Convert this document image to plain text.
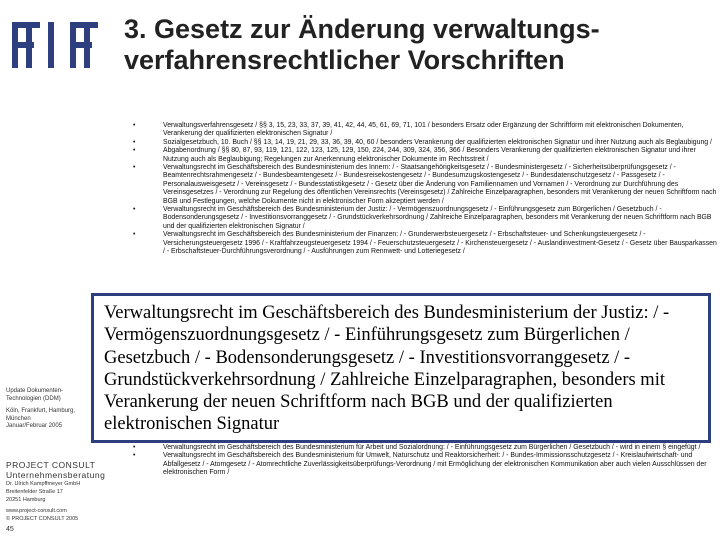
3. Gesetz zur Änderung verwaltungs-
verfahrensrechtlicher Vorschriften
•	Verwaltungsverfahrensgesetz / §§ 3, 15, 23, 33, 37, 39, 41, 42, 44, 45, 61, 69, 71, 101 / besonders Ersatz oder Ergänzung der Schriftform mit elektronischen Dokumenten, Verankerung der qualifizierten elektronischen Signatur /
•	Sozialgesetzbuch, 10. Buch / §§ 13, 14, 19, 21, 29, 33, 36, 39, 40, 60 / besonders Verankerung der qualifizierten elektronischen Signatur und ihrer Nutzung auch als Beglaubigung /
•	Abgabenordnung / §§ 80, 87, 93, 119, 121, 122, 123, 125, 129, 150, 224, 244, 309, 324, 356, 366 / Besonders Verankerung der qualifizierten elektronischen Signatur und ihrer Nutzung auch als Beglaubigung; Regelungen zur Anerkennung elektronischer Dokumente im Rechtsstreit /
•	Verwaltungsrecht im Geschäftsbereich des Bundesministerium des Innern: / - Staatsangehörigkeitsgesetz / - Bundesministergesetz / - Sicherheitsüberprüfungsgesetz / - Beamtenrechtsrahmengesetz / - Bundesbeamtengesetz / - Bundesreisekostengesetz / - Bundesumzugskostengesetz / - Bundesdatenschutzgesetz / - Passgesetz / - Personalausweisgesetz / - Vereinsgesetz / - Bundesstatistikgesetz / - Gesetz über die Änderung von Familiennamen und Vornamen / - Verordnung zur Durchführung des Vereinsgesetzes / - Verordnung zur Regelung des öffentlichen Vereinsrechts (Vereinsgesetz) / Zahlreiche Einzelparagraphen, besonders mit Verankerung der neuen Schriftform nach BGB und Festlegungen, welche Dokumente nicht in elektronischer Form akzeptiert werden /
•	Verwaltungsrecht im Geschäftsbereich des Bundesministerium der Justiz: / - Vermögenszuordnungsgesetz / - Einführungsgesetz zum Bürgerlichen / Gesetzbuch / - Bodensonderungsgesetz / - Investitionsvorranggesetz / - Grundstückverkehrsordnung / Zahlreiche Einzelparagraphen, besonders mit Verankerung der neuen Schriftform nach BGB und der qualifizierten elektronischen Signatur /
•	Verwaltungsrecht im Geschäftsbereich des Bundesministerium der Finanzen: / - Grunderwerbsteuergesetz / - Erbschaftsteuer- und Schenkungsteuergesetz / - Versicherungsteuergesetz 1996 / - Kraftfahrzeugsteuergesetz 1994 / - Feuerschutzsteuergesetz / - Kirchensteuergesetz / - Auslandinvestment-Gesetz / - Gesetz über Bausparkassen / - Erbschaftsteuer-Durchführungsverordnung / - Ausführungen zum Rennwett- und Lotteriegesetz /
•	Verwaltungsrecht im Geschäftsbereich des Bundesministerium für Arbeit und Sozialordnung: / - Einführungsgesetz zum Bürgerlichen / Gesetzbuch / - wird in einem § eingefügt /
•	Verwaltungsrecht im Geschäftsbereich des Bundesministerium für Umwelt, Naturschutz und Reaktorsicherheit: / - Bundes-Immissionsschutzgesetz / - Kreislaufwirtschaft- und Abfallgesetz / - Atomgesetz / - Atomrechtliche Zuverlässigkeitsüberprüfungs-Verordnung / mit Ermöglichung der elektronischen Kommunikation aber auch vielen Ausschlüssen der elektronischen Form /

Update Dokumenten-
Technologien (DDM)

Köln, Frankfurt, Hamburg,
München
Januar/Februar 2005

PROJECT CONSULT
Unternehmensberatung
Dr. Ulrich Kampffmeyer GmbH
Breitenfelder Straße 17
20251 Hamburg
www.project-consult.com
© PROJECT CONSULT 2005
45
Verwaltungsrecht im Geschäftsbereich des Bundesministerium der Justiz: / - Vermögenszuordnungsgesetz / - Einführungsgesetz zum Bürgerlichen / Gesetzbuch / - Bodensonderungsgesetz / - Investitionsvorranggesetz / - Grundstückverkehrsordnung / Zahlreiche Einzelparagraphen, besonders mit Verankerung der neuen Schriftform nach BGB und der qualifizierten elektronischen Signatur
